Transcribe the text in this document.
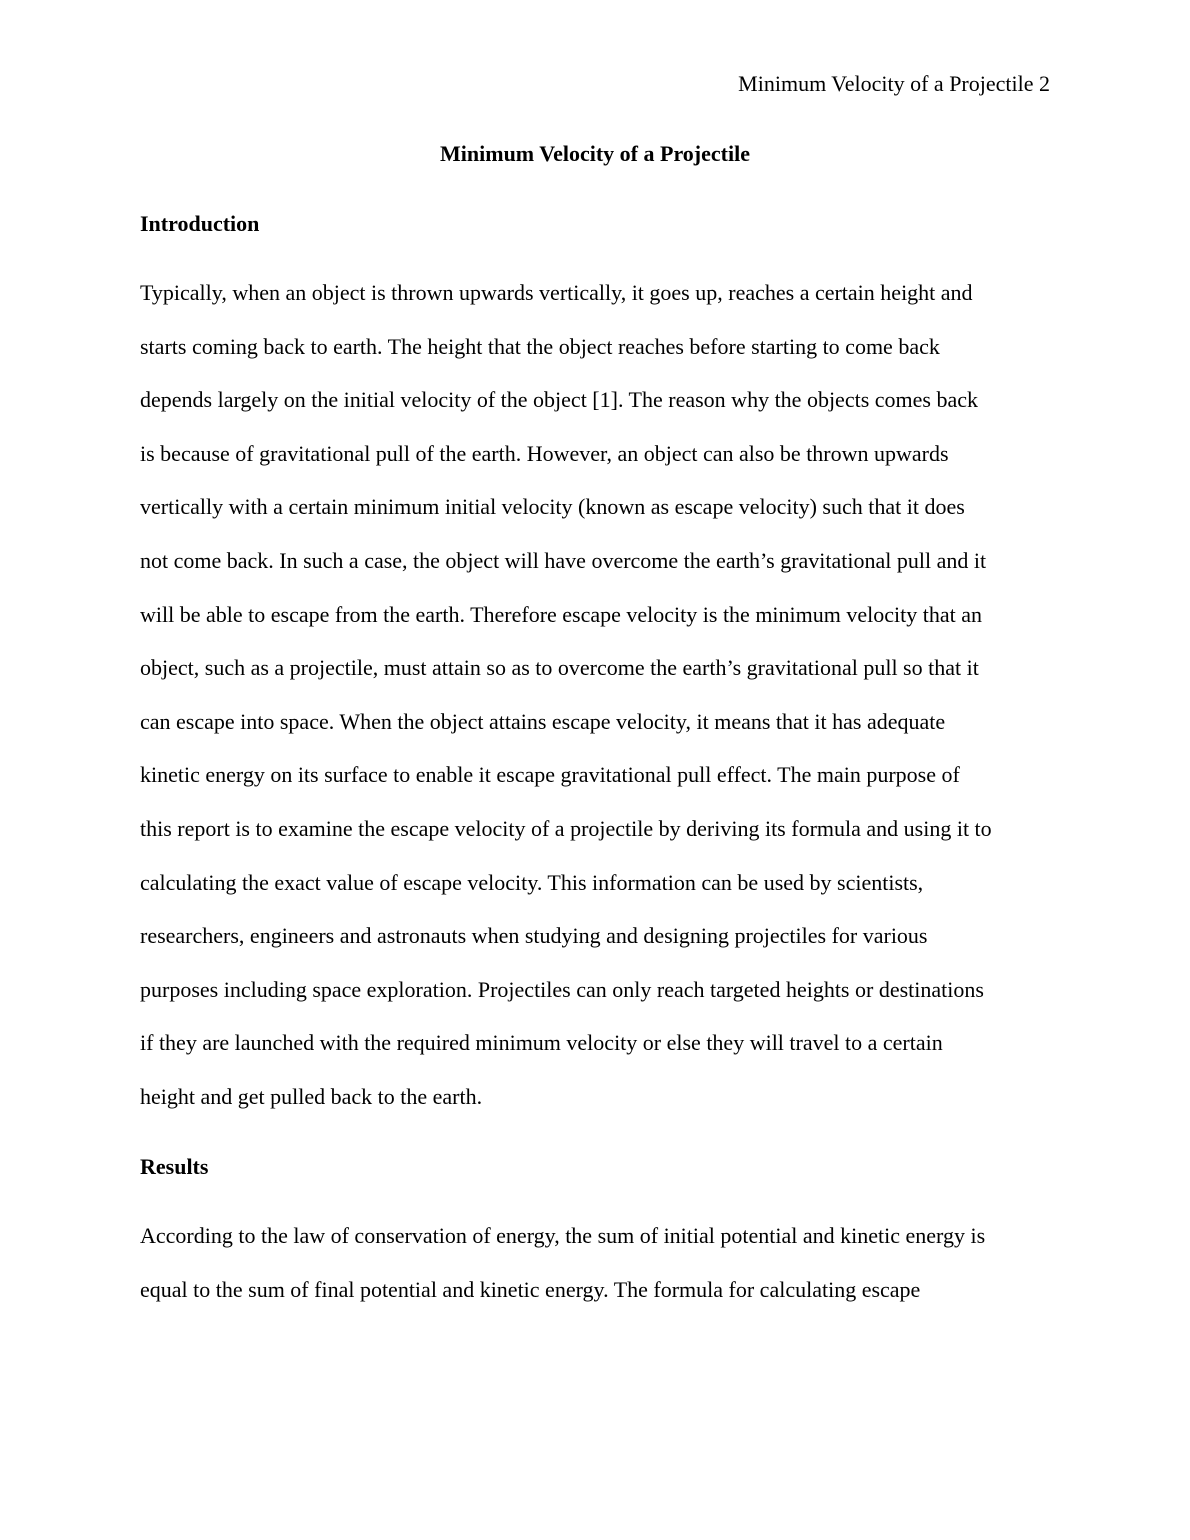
Minimum Velocity of a Projectile 2
Minimum Velocity of a Projectile
Introduction
Typically, when an object is thrown upwards vertically, it goes up, reaches a certain height and
starts coming back to earth. The height that the object reaches before starting to come back
depends largely on the initial velocity of the object [1]. The reason why the objects comes back
is because of gravitational pull of the earth. However, an object can also be thrown upwards
vertically with a certain minimum initial velocity (known as escape velocity) such that it does
not come back. In such a case, the object will have overcome the earth’s gravitational pull and it
will be able to escape from the earth. Therefore escape velocity is the minimum velocity that an
object, such as a projectile, must attain so as to overcome the earth’s gravitational pull so that it
can escape into space. When the object attains escape velocity, it means that it has adequate
kinetic energy on its surface to enable it escape gravitational pull effect. The main purpose of
this report is to examine the escape velocity of a projectile by deriving its formula and using it to
calculating the exact value of escape velocity. This information can be used by scientists,
researchers, engineers and astronauts when studying and designing projectiles for various
purposes including space exploration. Projectiles can only reach targeted heights or destinations
if they are launched with the required minimum velocity or else they will travel to a certain
height and get pulled back to the earth.
Results
According to the law of conservation of energy, the sum of initial potential and kinetic energy is
equal to the sum of final potential and kinetic energy. The formula for calculating escape
